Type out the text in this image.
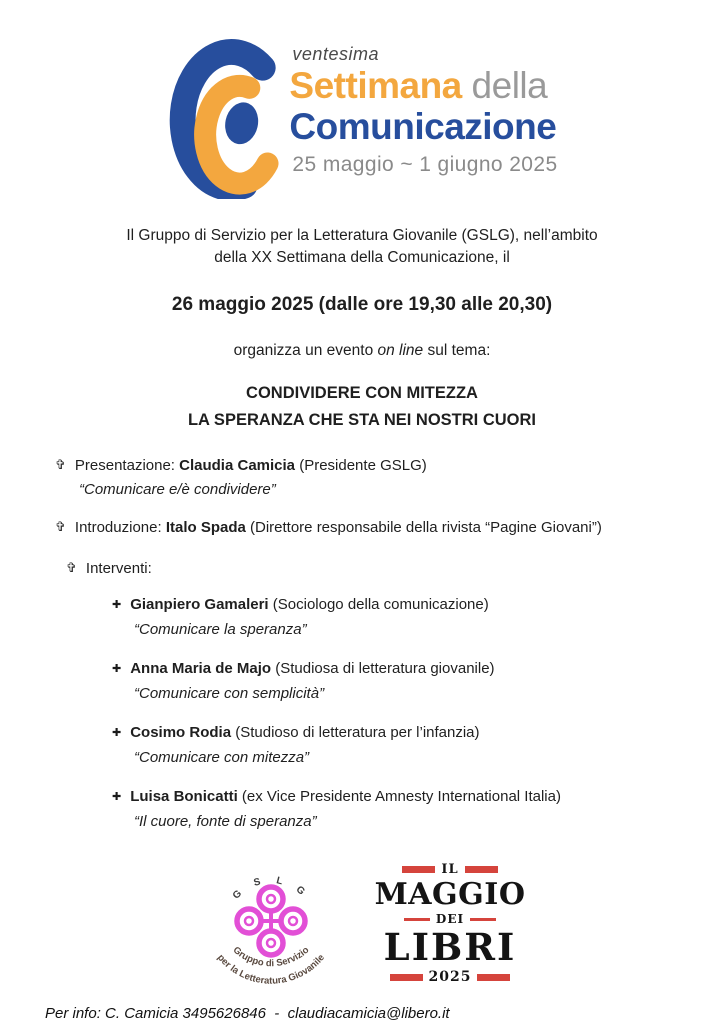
ventesima
Settimana della
Comunicazione
25 maggio ~ 1 giugno 2025

Il Gruppo di Servizio per la Letteratura Giovanile (GSLG), nell’ambito
della XX Settimana della Comunicazione, il

26 maggio 2025 (dalle ore 19,30 alle 20,30)

organizza un evento on line sul tema:

CONDIVIDERE CON MITEZZA
LA SPERANZA CHE STA NEI NOSTRI CUORI
✞ Presentazione: Claudia Camicia (Presidente GSLG)
“Comunicare e/è condividere”
✞ Introduzione: Italo Spada (Direttore responsabile della rivista “Pagine Giovani”)
✞ Interventi:
✚ Gianpiero Gamaleri (Sociologo della comunicazione)
“Comunicare la speranza”
✚ Anna Maria de Majo (Studiosa di letteratura giovanile)
“Comunicare con semplicità”
✚ Cosimo Rodia (Studioso di letteratura per l’infanzia)
“Comunicare con mitezza”
✚ Luisa Bonicatti (ex Vice Presidente Amnesty International Italia)
“Il cuore, fonte di speranza”
G S L G
Gruppo di Servizio
per la Letteratura Giovanile
IL
MAGGIO
DEI
LIBRI
2025
Per info: C. Camicia 3495626846  -  claudiacamicia@libero.it
